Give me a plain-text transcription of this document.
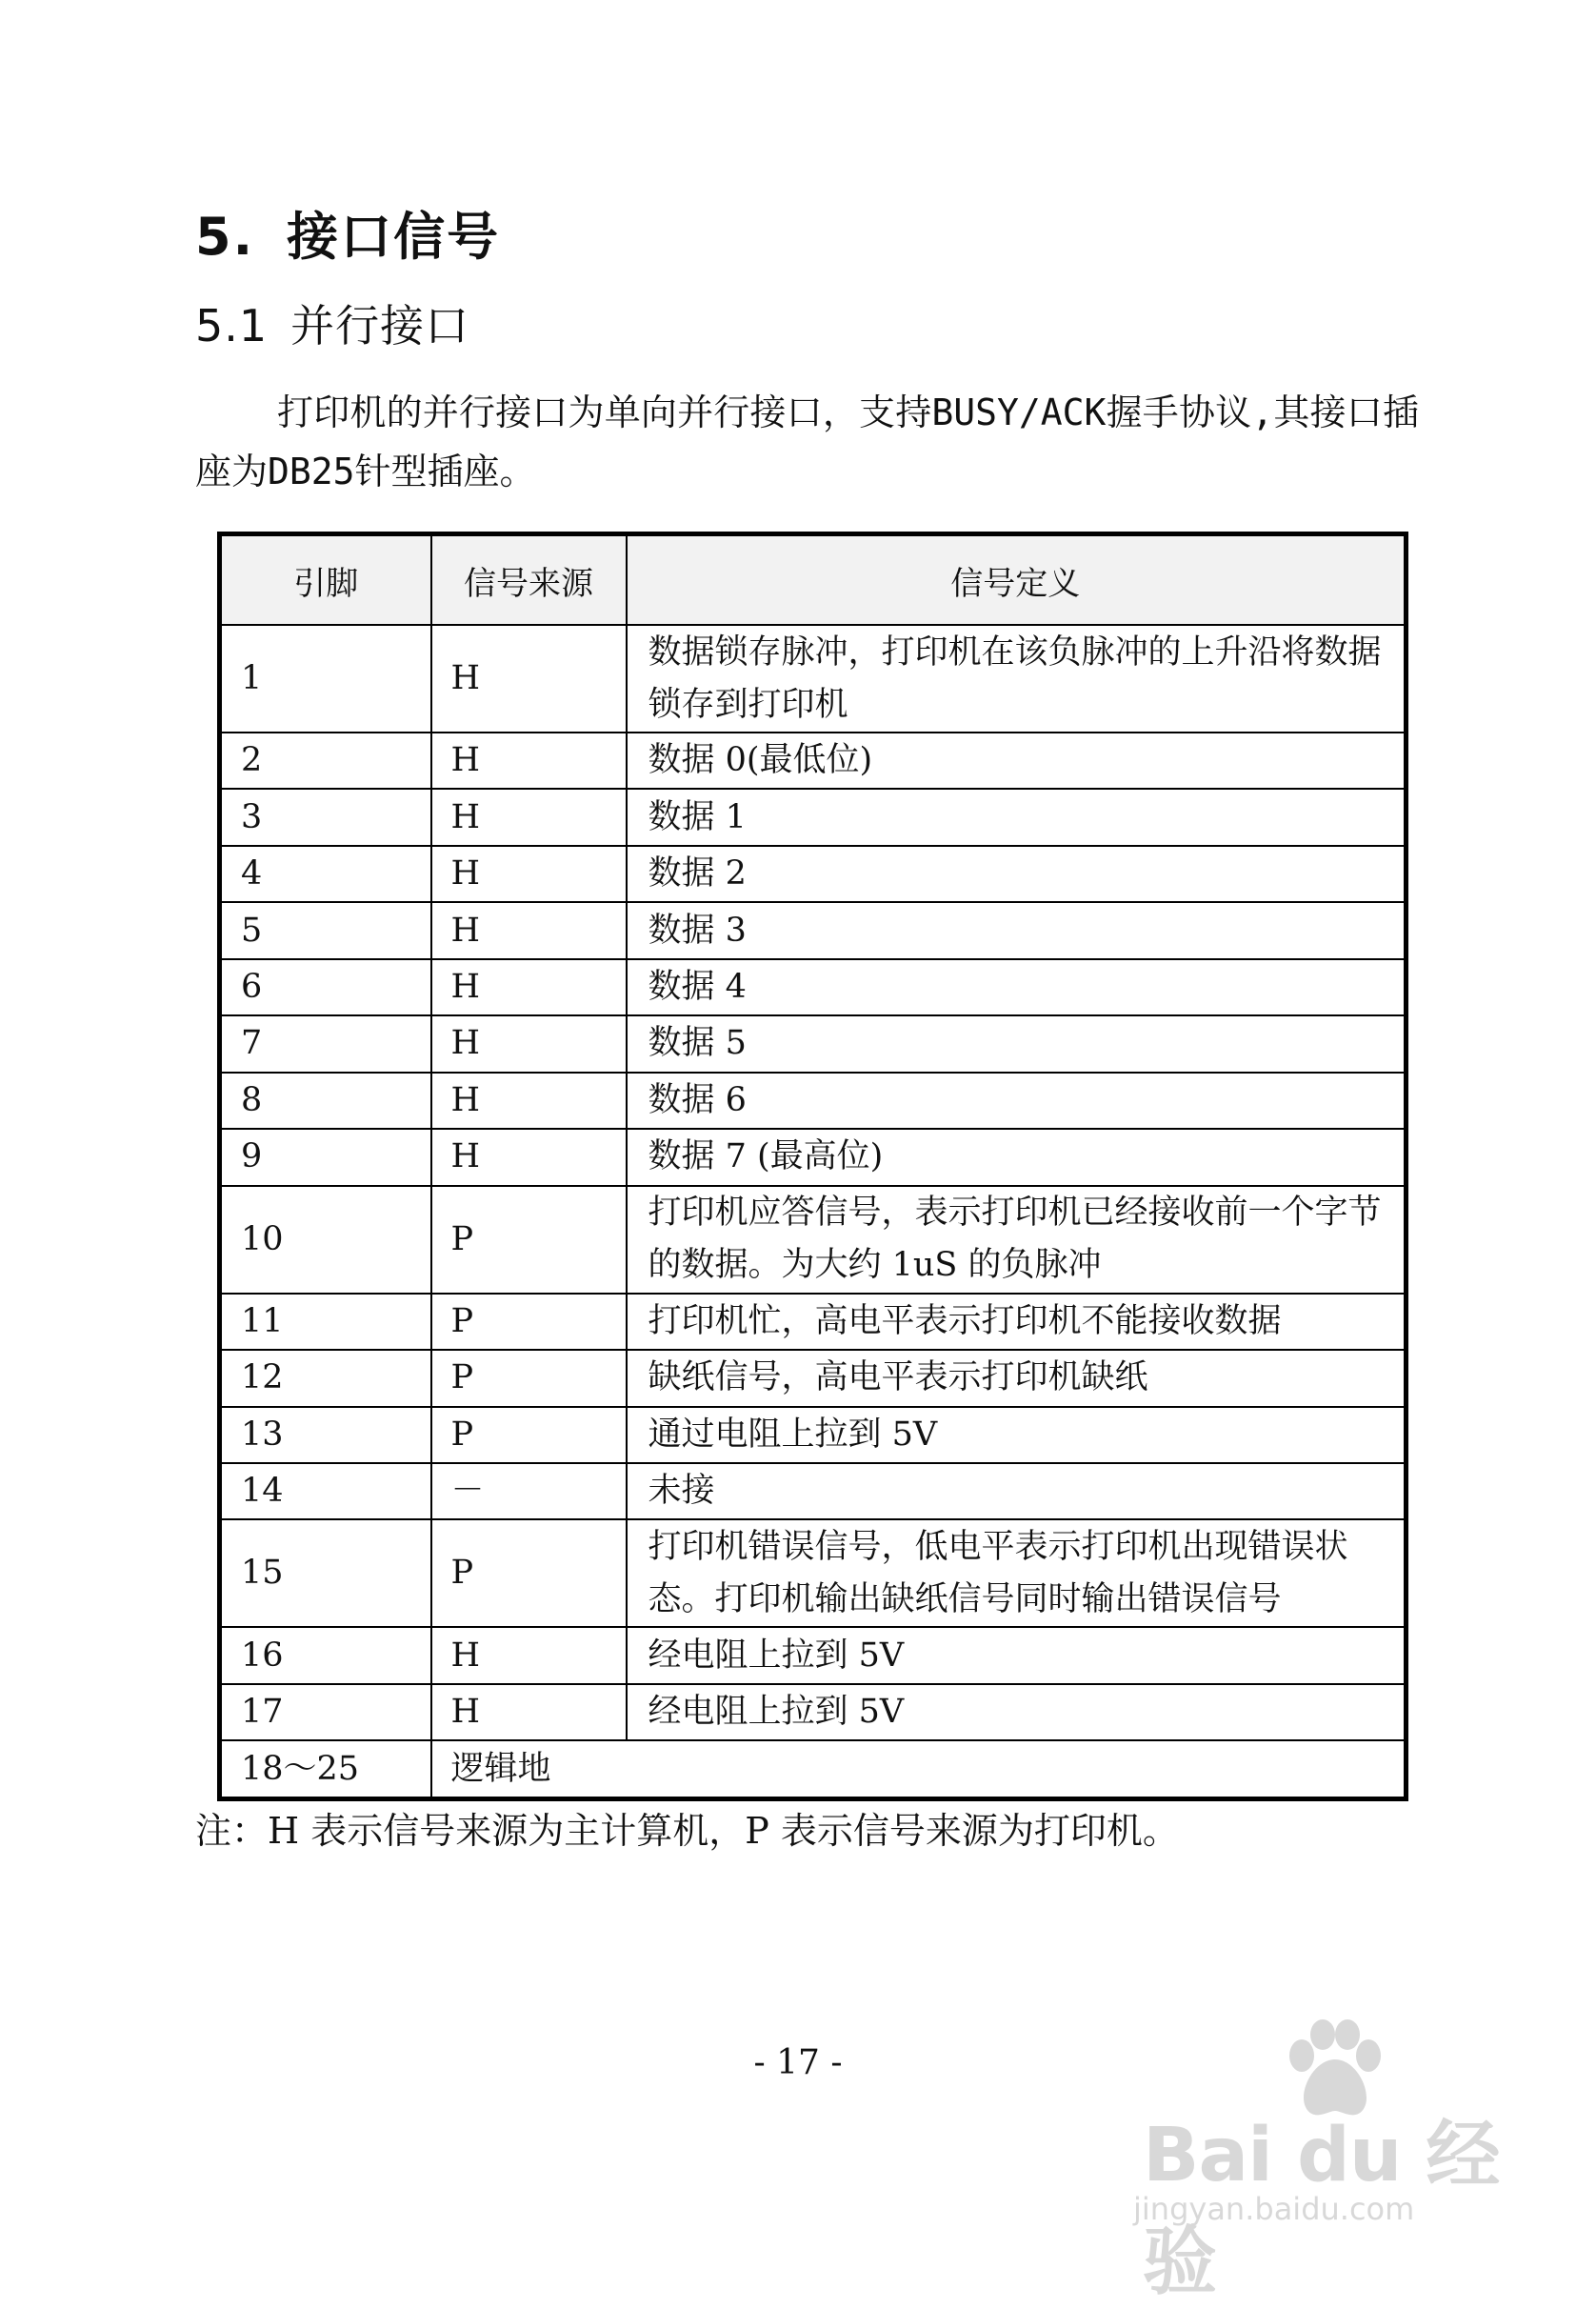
5. 接口信号
5.1 并行接口
打印机的并行接口为单向并行接口，支持BUSY/ACK握手协议,其接口插座为DB25针型插座。
引脚	信号来源	信号定义
1	H	数据锁存脉冲，打印机在该负脉冲的上升沿将数据锁存到打印机
2	H	数据 0(最低位)
3	H	数据 1
4	H	数据 2
5	H	数据 3
6	H	数据 4
7	H	数据 5
8	H	数据 6
9	H	数据 7 (最高位)
10	P	打印机应答信号，表示打印机已经接收前一个字节的数据。为大约 1uS 的负脉冲
11	P	打印机忙，高电平表示打印机不能接收数据
12	P	缺纸信号，高电平表示打印机缺纸
13	P	通过电阻上拉到 5V
14	－	未接
15	P	打印机错误信号，低电平表示打印机出现错误状态。打印机输出缺纸信号同时输出错误信号
16	H	经电阻上拉到 5V
17	H	经电阻上拉到 5V
18～25	逻辑地	
注：H 表示信号来源为主计算机，P 表示信号来源为打印机。
- 17 -
Bai du 经验
jingyan.baidu.com
